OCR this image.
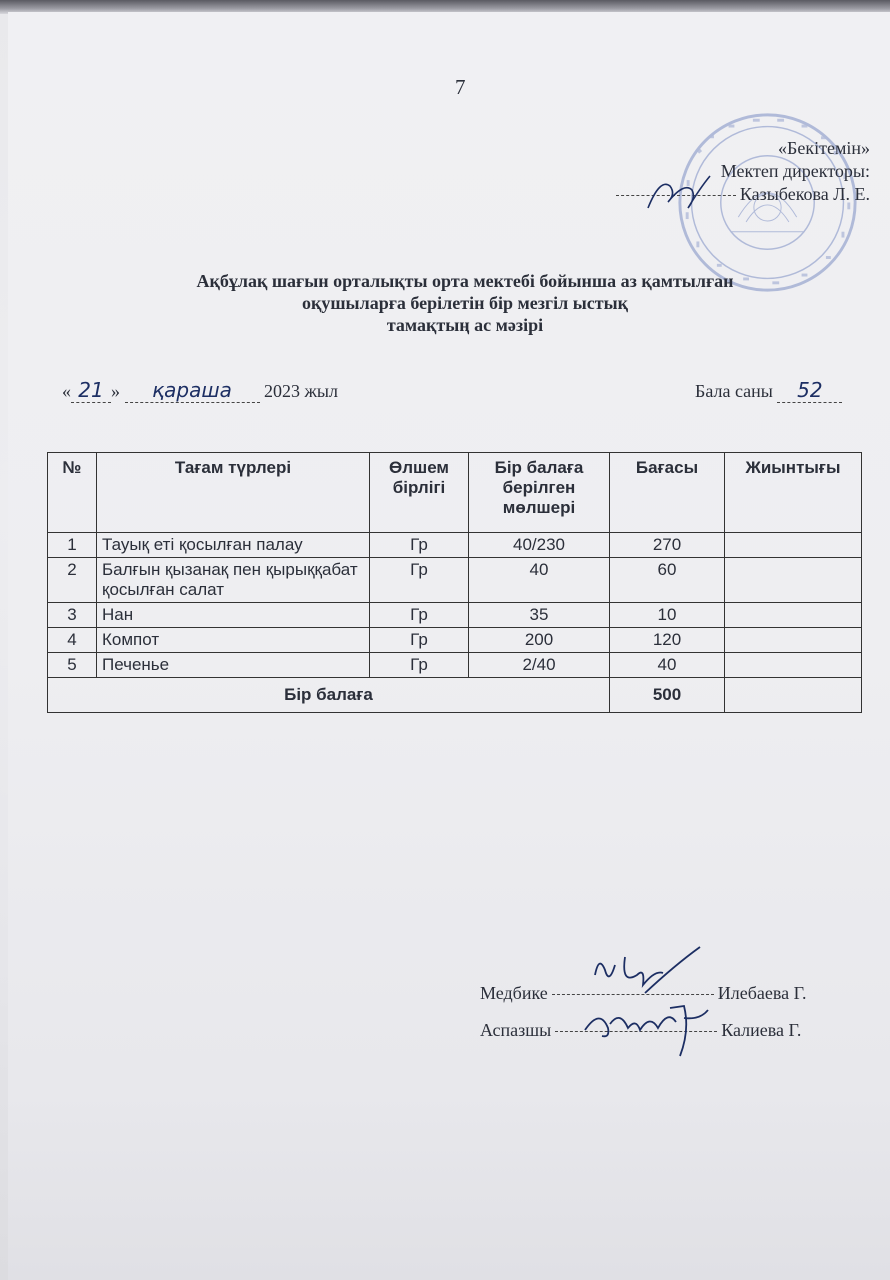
7
«Бекітемін»
Мектеп директоры:
Казыбекова Л. Е.
Ақбұлақ шағын орталықты орта мектебі бойынша аз қамтылған
оқушыларға берілетін бір мезгіл ыстық
тамақтың ас мәзірі
« 21 » қараша 2023 жыл	Бала саны 52
№	Тағам түрлері	Өлшем бірлігі	Бір балаға берілген мөлшері	Бағасы	Жиынтығы
1	Тауық еті қосылған палау	Гр	40/230	270	
2	Балғын қызанақ пен қырыққабат қосылған салат	Гр	40	60	
3	Нан	Гр	35	10	
4	Компот	Гр	200	120	
5	Печенье	Гр	2/40	40	
Бір балаға				500	
Медбике	Илебаева Г.
Аспазшы	Калиева Г.
